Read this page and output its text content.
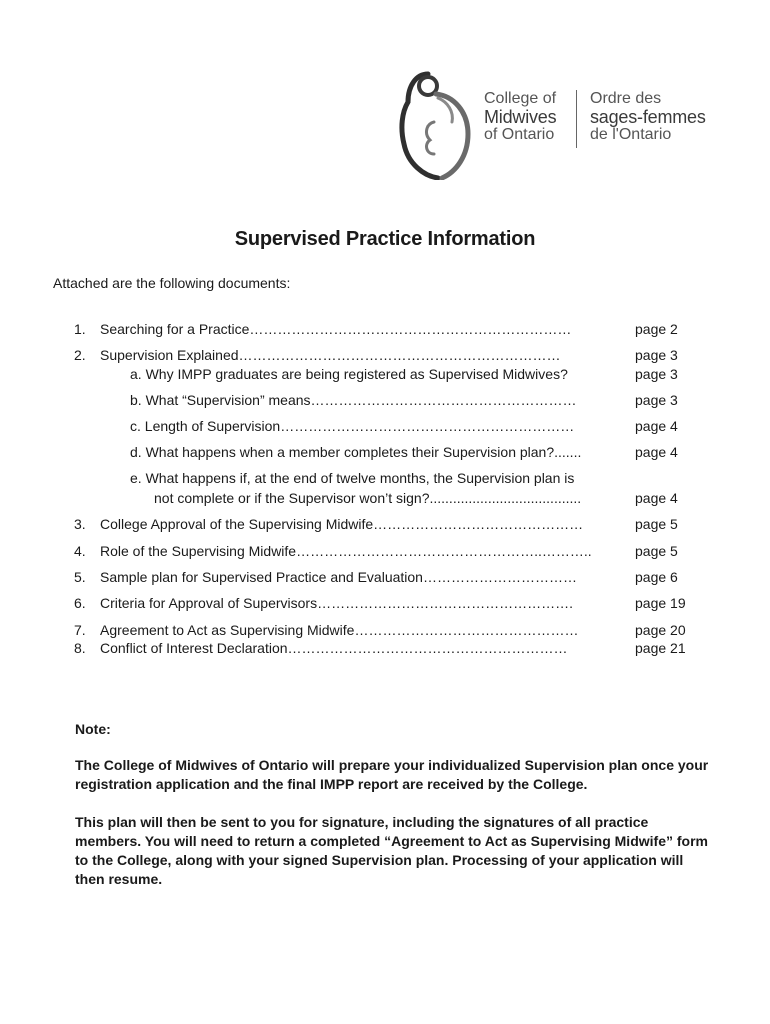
College of
Midwives
of Ontario
Ordre des
sages-femmes
de l'Ontario
Supervised Practice Information

Attached are the following documents:

1. Searching for a Practice……………………………………………………………	page 2
2. Supervision Explained……………………………………………………………	page 3
a. Why IMPP graduates are being registered as Supervised Midwives?	page 3
b. What “Supervision” means…………………………………………………	page 3
c. Length of Supervision………………………………………………………	page 4
d. What happens when a member completes their Supervision plan?.......	page 4
e. What happens if, at the end of twelve months, the Supervision plan is
not complete or if the Supervisor won’t sign?.......................................	page 4
3. College Approval of the Supervising Midwife………………………………………	page 5
4. Role of the Supervising Midwife……………………………………………..………..	page 5
5. Sample plan for Supervised Practice and Evaluation……………………………	page 6
6. Criteria for Approval of Supervisors……………………………………………….	page 19
7. Agreement to Act as Supervising Midwife…………………………………………	page 20
8. Conflict of Interest Declaration……………………………………………………	page 21

Note:

The College of Midwives of Ontario will prepare your individualized Supervision plan once your registration application and the final IMPP report are received by the College.

This plan will then be sent to you for signature, including the signatures of all practice members. You will need to return a completed “Agreement to Act as Supervising Midwife” form to the College, along with your signed Supervision plan. Processing of your application will then resume.
